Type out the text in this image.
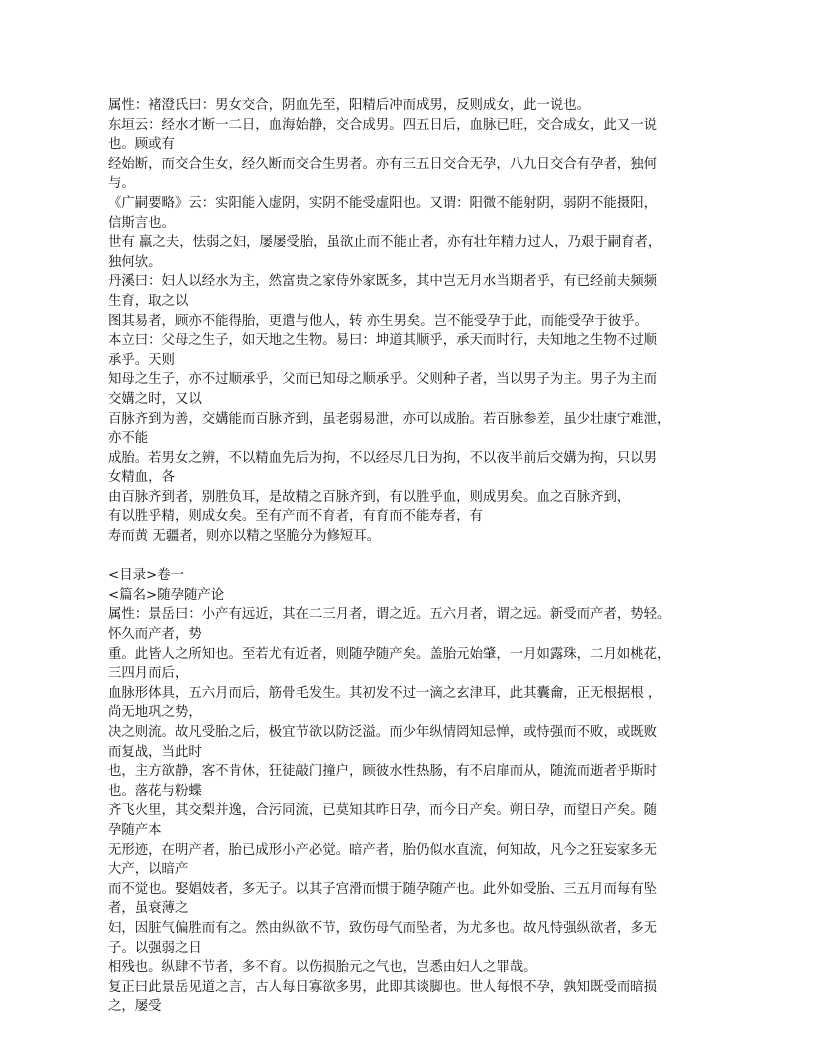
属性：褚澄氏曰：男女交合，阴血先至，阳精后冲而成男，反则成女，此一说也。
东垣云：经水才断一二日，血海始静，交合成男。四五日后，血脉已旺，交合成女，此又一说
也。顾或有
经始断，而交合生女，经久断而交合生男者。亦有三五日交合无孕，八九日交合有孕者，独何
与。
《广嗣要略》云：实阳能入虚阴，实阴不能受虚阳也。又谓：阳微不能射阴，弱阴不能摄阳，
信斯言也。
世有 羸之夫，怯弱之妇，屡屡受胎，虽欲止而不能止者，亦有壮年精力过人，乃艰于嗣育者，
独何欤。
丹溪曰：妇人以经水为主，然富贵之家侍外家既多，其中岂无月水当期者乎，有已经前夫频频
生育，取之以
图其易者，顾亦不能得胎，更遣与他人，转 亦生男矣。岂不能受孕于此，而能受孕于彼乎。
本立曰：父母之生子，如天地之生物。易曰：坤道其顺乎，承天而时行，夫知地之生物不过顺
承乎。天则
知母之生子，亦不过顺承乎，父而已知母之顺承乎。父则种子者，当以男子为主。男子为主而
交媾之时，又以
百脉齐到为善，交媾能而百脉齐到，虽老弱易泄，亦可以成胎。若百脉参差，虽少壮康宁难泄，
亦不能
成胎。若男女之辨，不以精血先后为拘，不以经尽几日为拘，不以夜半前后交媾为拘，只以男
女精血，各
由百脉齐到者，别胜负耳，是故精之百脉齐到，有以胜乎血，则成男矣。血之百脉齐到，
有以胜乎精，则成女矣。至有产而不育者，有育而不能寿者，有
寿而黄 无疆者，则亦以精之坚脆分为修短耳。
<目录>卷一
<篇名>随孕随产论
属性：景岳曰：小产有远近，其在二三月者，谓之近。五六月者，谓之远。新受而产者，势轻。
怀久而产者，势
重。此皆人之所知也。至若尤有近者，则随孕随产矣。盖胎元始肇，一月如露珠，二月如桃花，
三四月而后，
血脉形体具，五六月而后，筋骨毛发生。其初发不过一滴之玄津耳，此其囊龠，正无根据根 ，
尚无地巩之势，
决之则流。故凡受胎之后，极宜节欲以防泛溢。而少年纵情罔知忌惮，或恃强而不败，或既败
而复战，当此时
也，主方欲静，客不肯休，狂徒敲门撞户，顾彼水性热肠，有不启扉而从，随流而逝者乎斯时
也。落花与粉蝶
齐飞火里，其交梨并逸，合污同流，已莫知其昨日孕，而今日产矣。朔日孕，而望日产矣。随
孕随产本
无形迹，在明产者，胎已成形小产必觉。暗产者，胎仍似水直流，何知故，凡今之狂妄家多无
大产，以暗产
而不觉也。娶娼妓者，多无子。以其子宫滑而惯于随孕随产也。此外如受胎、三五月而每有坠
者，虽衰薄之
妇，因脏气偏胜而有之。然由纵欲不节，致伤母气而坠者，为尤多也。故凡恃强纵欲者，多无
子。以强弱之日
相残也。纵肆不节者，多不育。以伤损胎元之气也，岂悉由妇人之罪哉。
复正曰此景岳见道之言，古人每日寡欲多男，此即其谈脚也。世人每恨不孕，孰知既受而暗损
之，屡受
